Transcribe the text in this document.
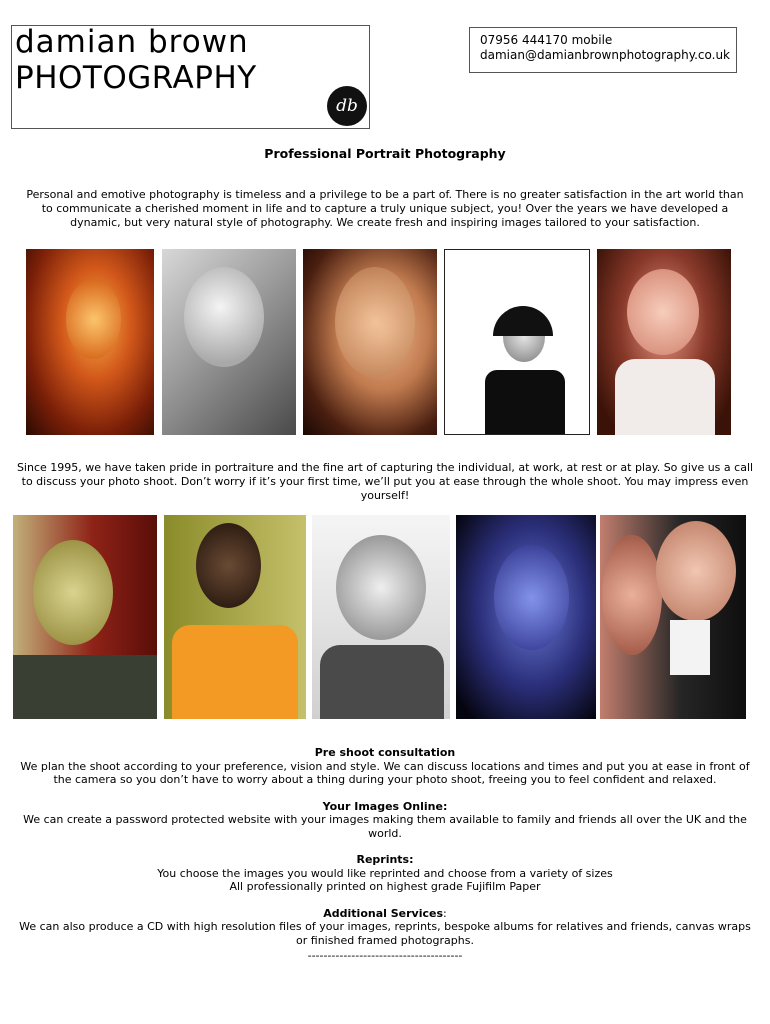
damian brown
PHOTOGRAPHY
db
07956 444170 mobile
damian@damianbrownphotography.co.uk
Professional Portrait Photography
Personal and emotive photography is timeless and a privilege to be a part of. There is no greater satisfaction in the art world than to communicate a cherished moment in life and to capture a truly unique subject, you! Over the years we have developed a dynamic, but very natural style of photography. We create fresh and inspiring images tailored to your satisfaction.
Since 1995, we have taken pride in portraiture and the fine art of capturing the individual, at work, at rest or at play. So give us a call to discuss your photo shoot. Don’t worry if it’s your first time, we’ll put you at ease through the whole shoot. You may impress even yourself!
Pre shoot consultation
We plan the shoot according to your preference, vision and style. We can discuss locations and times and put you at ease in front of the camera so you don’t have to worry about a thing during your photo shoot, freeing you to feel confident and relaxed.
Your Images Online:
We can create a password protected website with your images making them available to family and friends all over the UK and the world.
Reprints:
You choose the images you would like reprinted and choose from a variety of sizes
All professionally printed on highest grade Fujifilm Paper
Additional Services:
We can also produce a CD with high resolution files of your images, reprints, bespoke albums for relatives and friends, canvas wraps or finished framed photographs.
---------------------------------------
